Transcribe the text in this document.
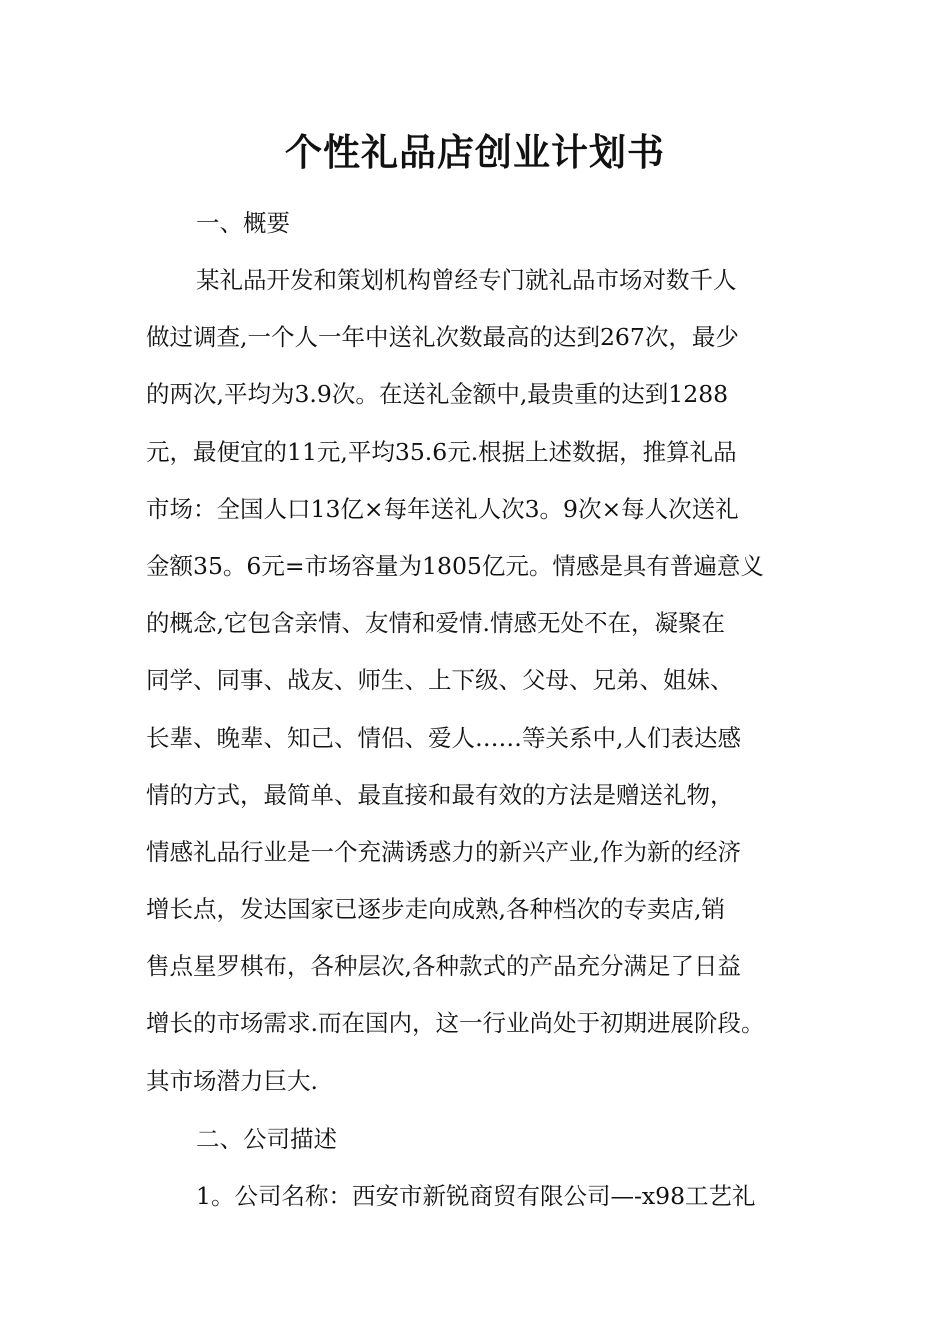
个性礼品店创业计划书
一、概要
某礼品开发和策划机构曾经专门就礼品市场对数千人
做过调查,一个人一年中送礼次数最高的达到267次，最少
的两次,平均为3.9次。在送礼金额中,最贵重的达到1288
元，最便宜的11元,平均35.6元.根据上述数据，推算礼品
市场：全国人口13亿×每年送礼人次3。9次×每人次送礼
金额35。6元=市场容量为1805亿元。情感是具有普遍意义
的概念,它包含亲情、友情和爱情.情感无处不在，凝聚在
同学、同事、战友、师生、上下级、父母、兄弟、姐妹、
长辈、晚辈、知己、情侣、爱人……等关系中,人们表达感
情的方式，最简单、最直接和最有效的方法是赠送礼物，
情感礼品行业是一个充满诱惑力的新兴产业,作为新的经济
增长点，发达国家已逐步走向成熟,各种档次的专卖店,销
售点星罗棋布，各种层次,各种款式的产品充分满足了日益
增长的市场需求.而在国内，这一行业尚处于初期进展阶段。
其市场潜力巨大.
二、公司描述
1。公司名称：西安市新锐商贸有限公司—-x98工艺礼
